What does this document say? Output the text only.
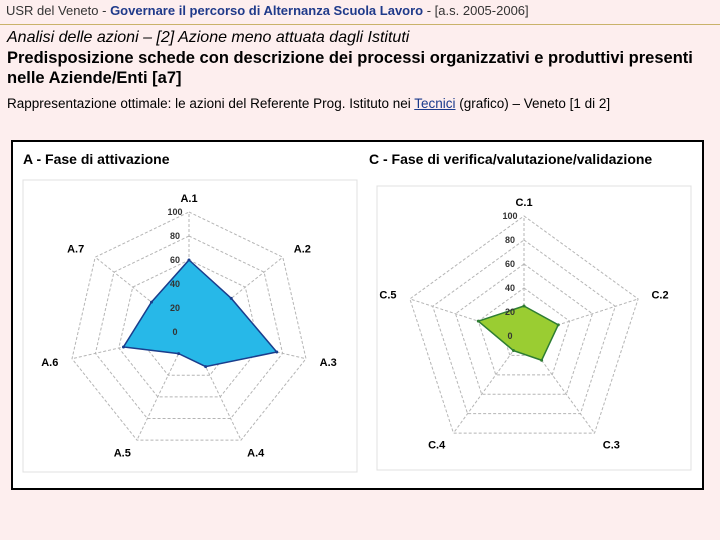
USR del Veneto - Governare il percorso di Alternanza Scuola Lavoro - [a.s. 2005-2006]
Analisi delle azioni – [2] Azione meno attuata dagli Istituti
Predisposizione schede con descrizione dei processi organizzativi e produttivi presenti nelle Aziende/Enti [a7]
Rappresentazione ottimale: le azioni del Referente Prog. Istituto nei Tecnici (grafico) – Veneto [1 di 2]
A - Fase di attivazione	C - Fase di verifica/valutazione/validazione
0
20
40
60
80
100
A.1
A.2
A.3
A.4
A.5
A.6
A.7
0
20
40
60
80
100
C.1
C.2
C.3
C.4
C.5
